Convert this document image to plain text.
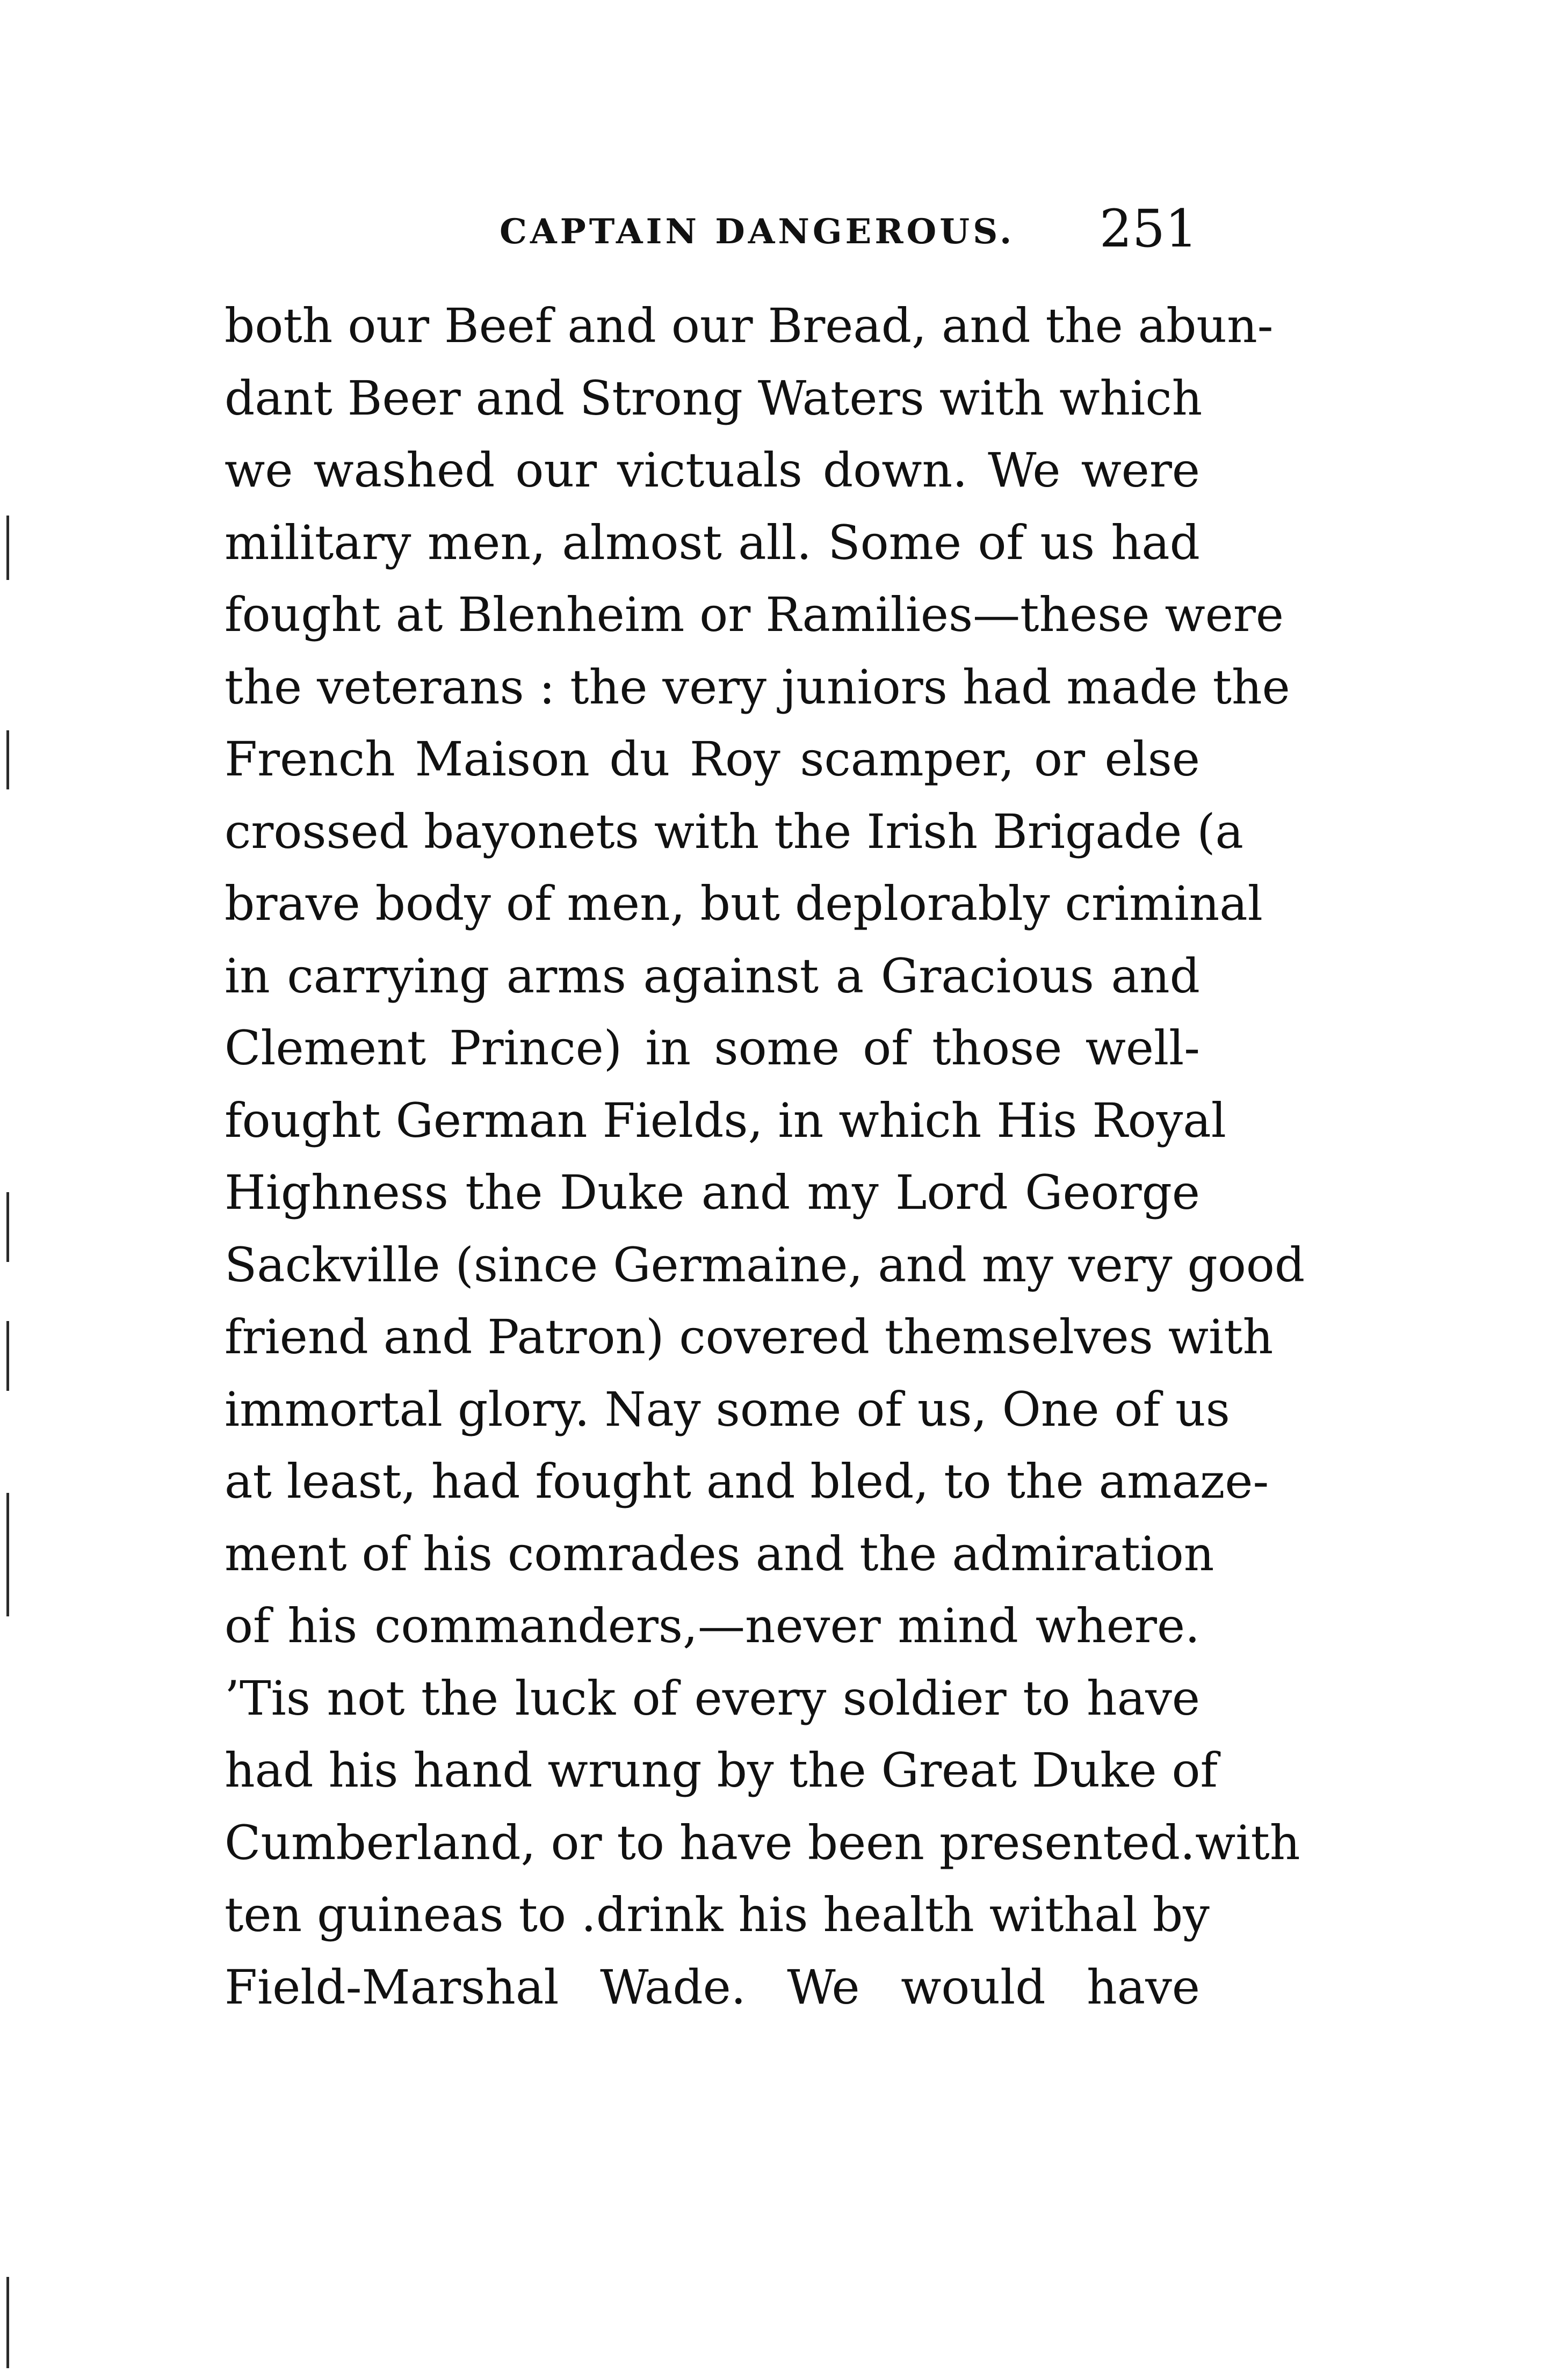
CAPTAIN DANGEROUS. 251
both our Beef and our Bread, and the abun-
dant Beer and Strong Waters with which
we washed our victuals down. We were
military men, almost all. Some of us had
fought at Blenheim or Ramilies—these were
the veterans : the very juniors had made the
French Maison du Roy scamper, or else
crossed bayonets with the Irish Brigade (a
brave body of men, but deplorably criminal
in carrying arms against a Gracious and
Clement Prince) in some of those well-
fought German Fields, in which His Royal
Highness the Duke and my Lord George
Sackville (since Germaine, and my very good
friend and Patron) covered themselves with
immortal glory. Nay some of us, One of us
at least, had fought and bled, to the amaze-
ment of his comrades and the admiration
of his commanders,—never mind where.
’Tis not the luck of every soldier to have
had his hand wrung by the Great Duke of
Cumberland, or to have been presented.with
ten guineas to .drink his health withal by
Field-Marshal Wade. We would have
